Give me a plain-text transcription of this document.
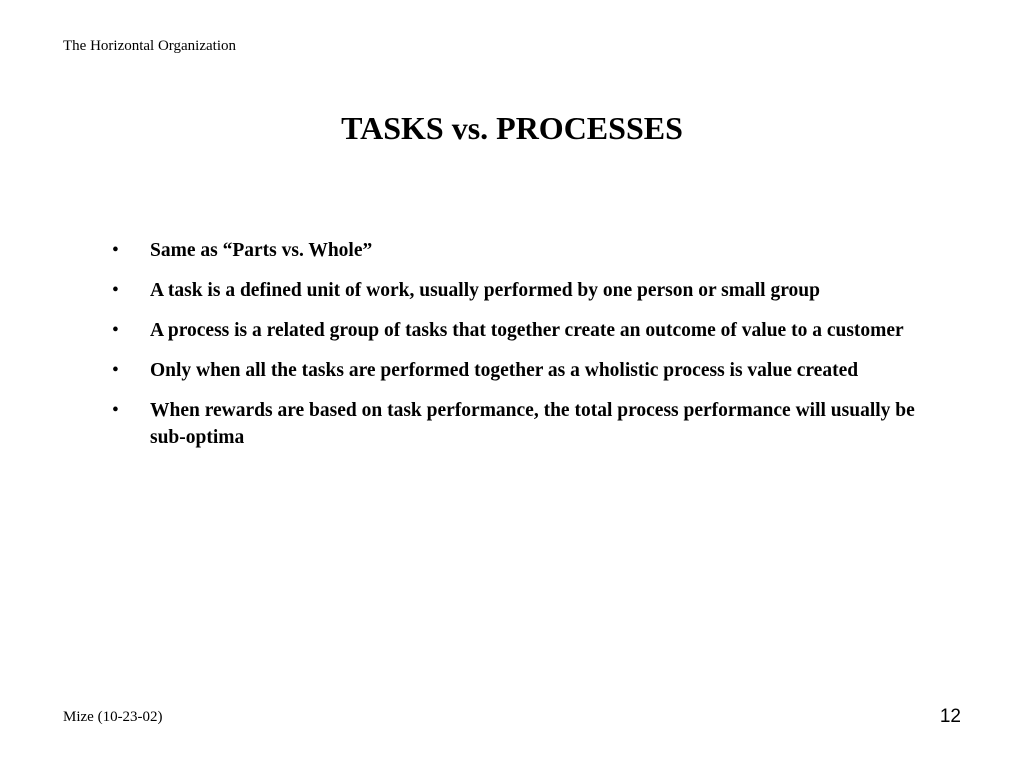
The Horizontal Organization
TASKS vs. PROCESSES
• Same as “Parts vs. Whole”
• A task is a defined unit of work, usually performed by one person or small group
• A process is a related group of tasks that together create an outcome of value to a customer
• Only when all the tasks are performed together as a wholistic process is value created
• When rewards are based on task performance, the total process performance will usually be sub-optima
Mize (10-23-02)	12
